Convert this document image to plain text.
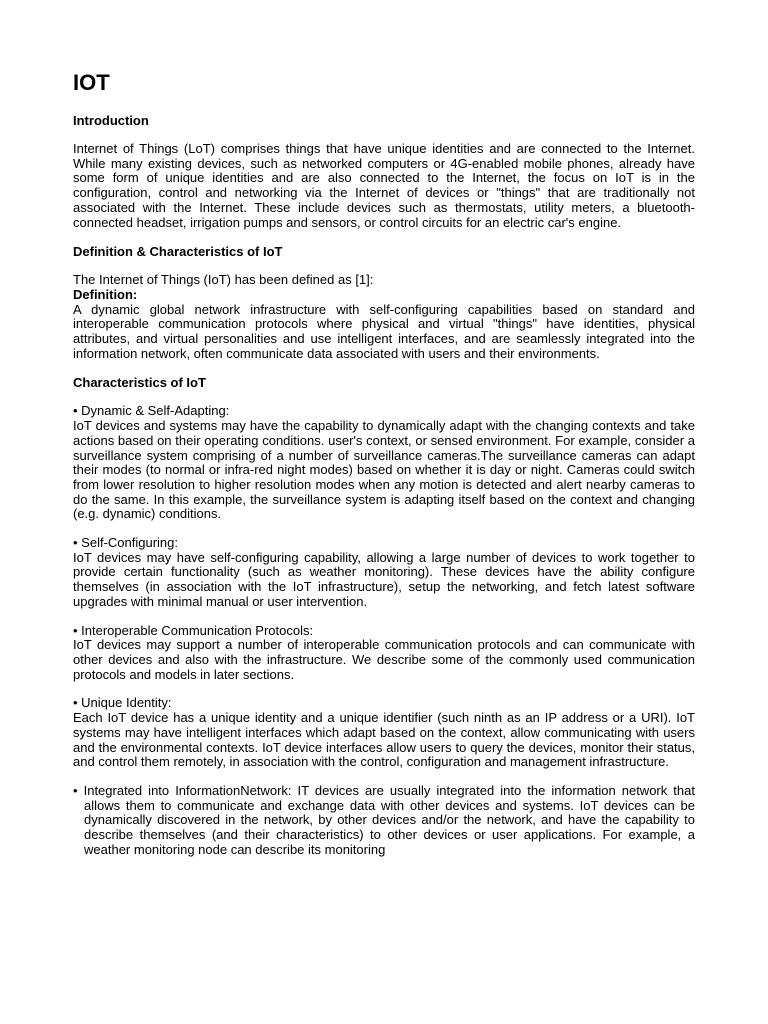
IOT
Introduction

Internet of Things (LoT) comprises things that have unique identities and are connected to the Internet. While many existing devices, such as networked computers or 4G-enabled mobile phones, already have some form of unique identities and are also connected to the Internet, the focus on IoT is in the configuration, control and networking via the Internet of devices or "things" that are traditionally not associated with the Internet. These include devices such as thermostats, utility meters, a bluetooth-connected headset, irrigation pumps and sensors, or control circuits for an electric car's engine.

Definition & Characteristics of IoT

The Internet of Things (IoT) has been defined as [1]:

Definition:

A dynamic global network infrastructure with self-configuring capabilities based on standard and interoperable communication protocols where physical and virtual "things" have identities, physical attributes, and virtual personalities and use intelligent interfaces, and are seamlessly integrated into the information network, often communicate data associated with users and their environments.

Characteristics of IoT

• Dynamic & Self-Adapting:

IoT devices and systems may have the capability to dynamically adapt with the changing contexts and take actions based on their operating conditions. user's context, or sensed environment. For example, consider a surveillance system comprising of a number of surveillance cameras.The surveillance cameras can adapt their modes (to normal or infra-red night modes) based on whether it is day or night. Cameras could switch from lower resolution to higher resolution modes when any motion is detected and alert nearby cameras to do the same. In this example, the surveillance system is adapting itself based on the context and changing (e.g. dynamic) conditions.

• Self-Configuring:

IoT devices may have self-configuring capability, allowing a large number of devices to work together to provide certain functionality (such as weather monitoring). These devices have the ability configure themselves (in association with the IoT infrastructure), setup the networking, and fetch latest software upgrades with minimal manual or user intervention.

• Interoperable Communication Protocols:

IoT devices may support a number of interoperable communication protocols and can communicate with other devices and also with the infrastructure. We describe some of the commonly used communication protocols and models in later sections.

• Unique Identity:

Each IoT device has a unique identity and a unique identifier (such ninth as an IP address or a URI). IoT systems may have intelligent interfaces which adapt based on the context, allow communicating with users and the environmental contexts. IoT device interfaces allow users to query the devices, monitor their status, and control them remotely, in association with the control, configuration and management infrastructure.

• Integrated into InformationNetwork: IT devices are usually integrated into the information network that allows them to communicate and exchange data with other devices and systems. IoT devices can be dynamically discovered in the network, by other devices and/or the network, and have the capability to describe themselves (and their characteristics) to other devices or user applications. For example, a weather monitoring node can describe its monitoring
